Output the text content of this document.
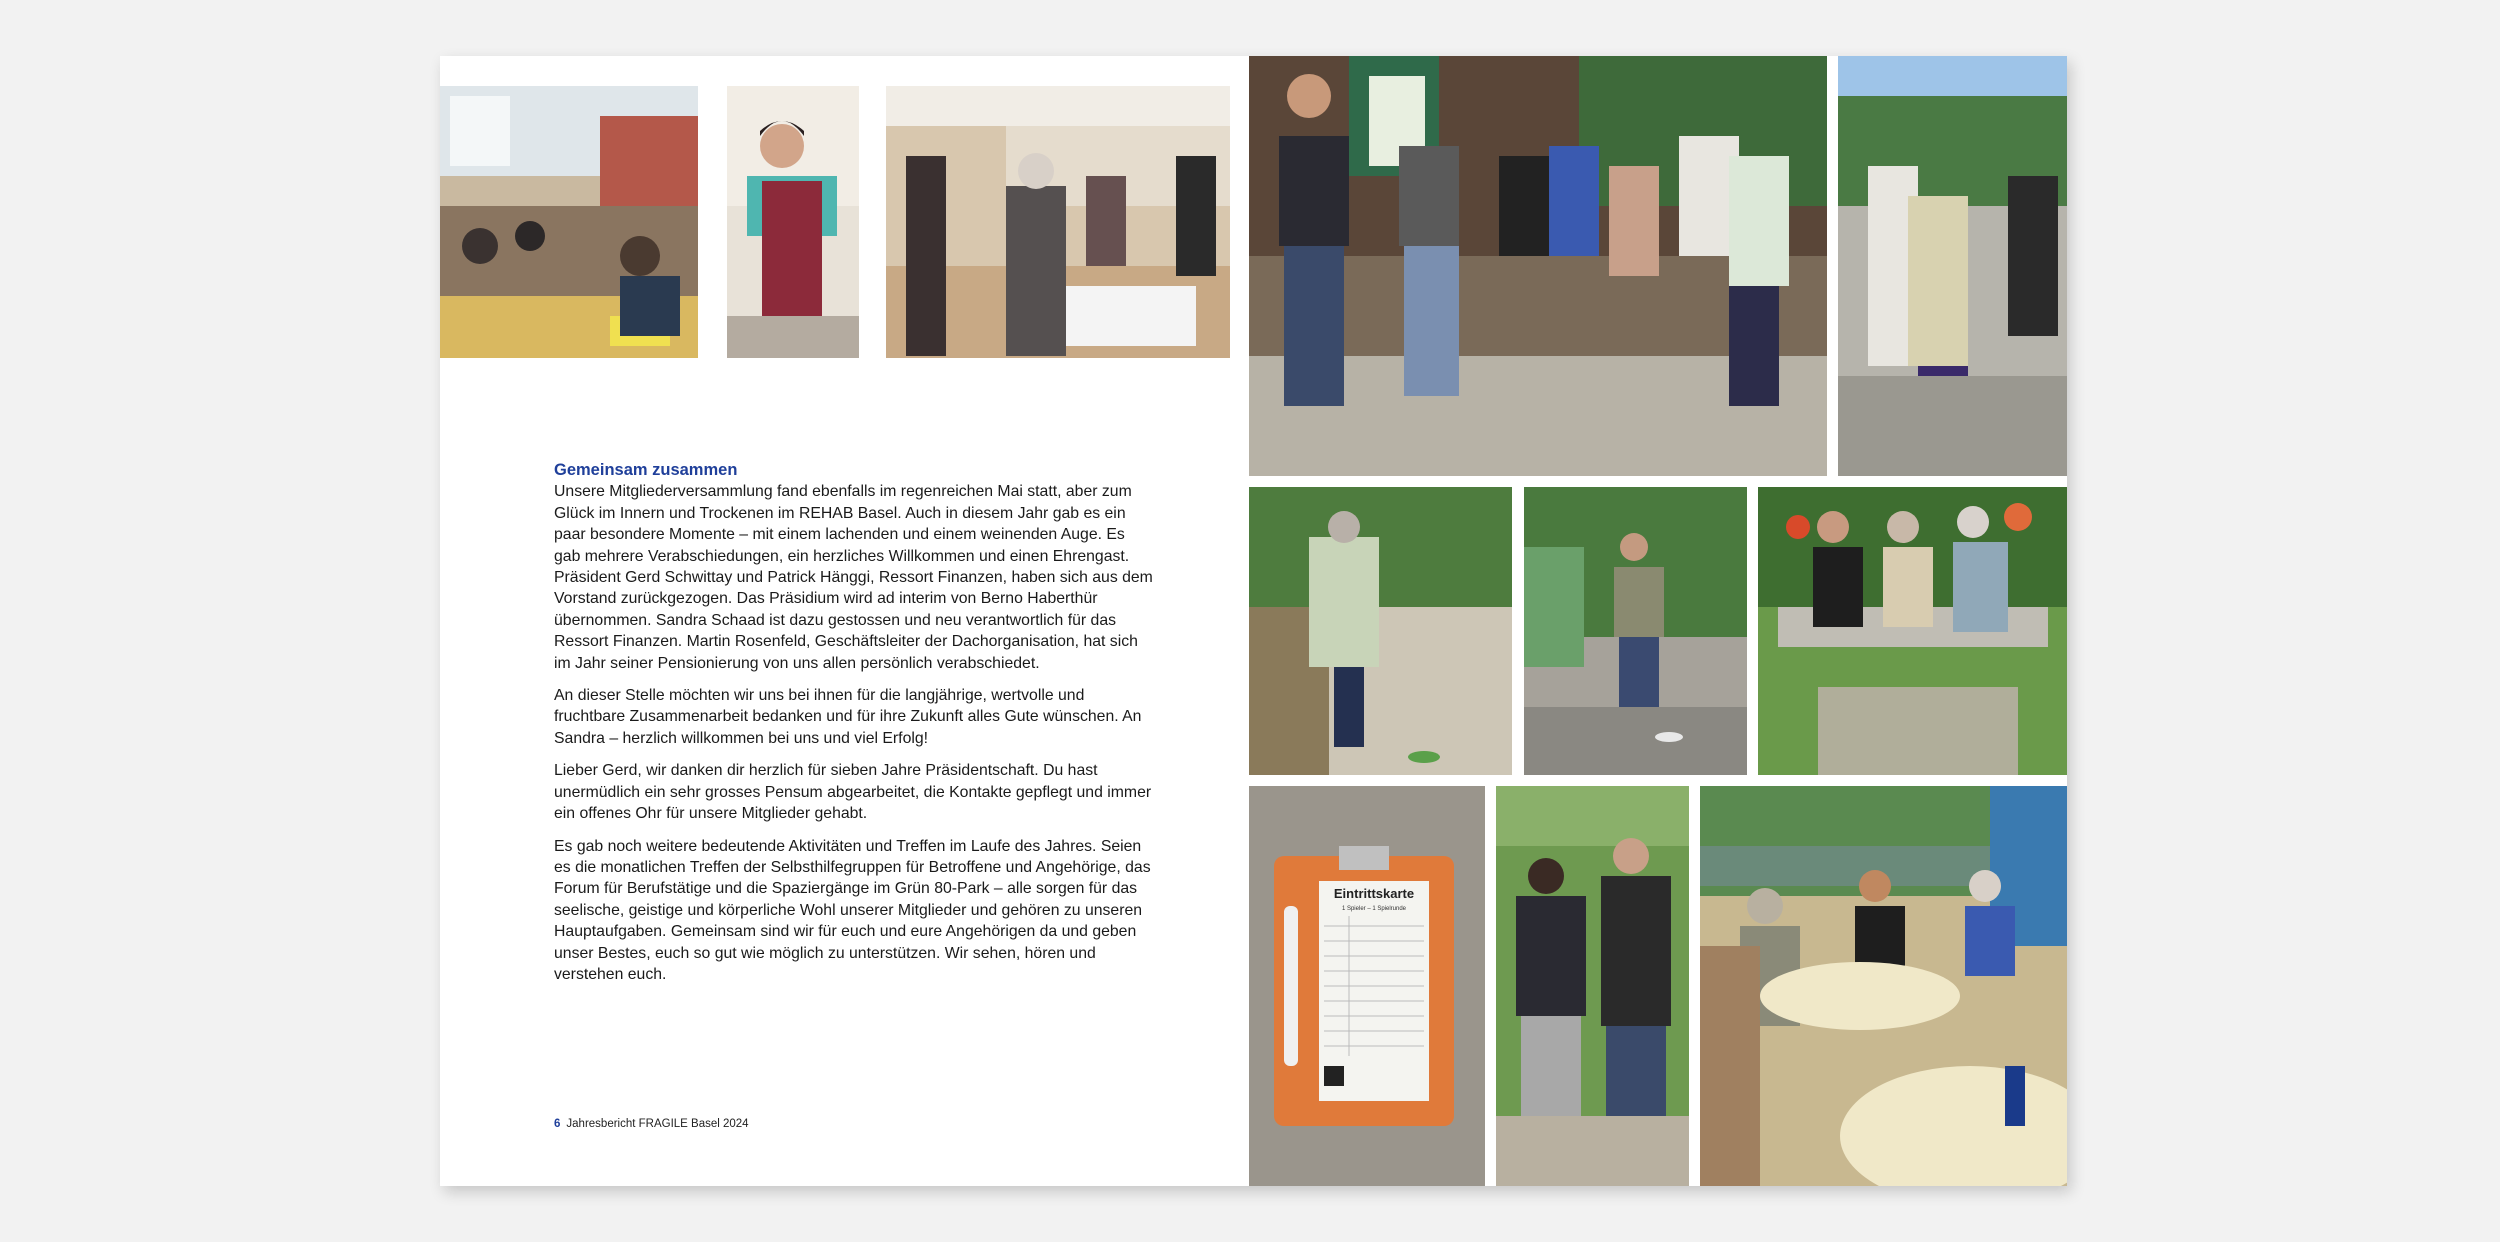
Eintrittskarte
1 Spieler – 1 Spielrunde
Gemeinsam zusammen

Unsere Mitgliederversammlung fand ebenfalls im regenreichen Mai statt, aber zum Glück im Innern und Trockenen im REHAB Basel. Auch in diesem Jahr gab es ein paar besondere Momente – mit einem lachenden und einem weinenden Auge. Es gab mehrere Verabschiedungen, ein herzliches Willkommen und einen Ehrengast. Präsident Gerd Schwittay und Patrick Hänggi, Ressort Finanzen, haben sich aus dem Vorstand zurückgezogen. Das Präsidium wird ad interim von Berno Haberthür übernommen. Sandra Schaad ist dazu gestossen und neu verantwortlich für das Ressort Finanzen. Martin Rosenfeld, Geschäftsleiter der Dachorganisation, hat sich im Jahr seiner Pensionierung von uns allen persönlich verabschiedet.

An dieser Stelle möchten wir uns bei ihnen für die langjährige, wertvolle und fruchtbare Zusammenarbeit bedanken und für ihre Zukunft alles Gute wünschen. An Sandra – herzlich willkommen bei uns und viel Erfolg!

Lieber Gerd, wir danken dir herzlich für sieben Jahre Präsidentschaft. Du hast unermüdlich ein sehr grosses Pensum abgearbeitet, die Kontakte gepflegt und immer ein offenes Ohr für unsere Mitglieder gehabt.

Es gab noch weitere bedeutende Aktivitäten und Treffen im Laufe des Jahres. Seien es die monatlichen Treffen der Selbsthilfegruppen für Betroffene und Angehörige, das Forum für Berufstätige und die Spaziergänge im Grün 80-Park – alle sorgen für das seelische, geistige und körperliche Wohl unserer Mitglieder und gehören zu unseren Hauptaufgaben. Gemeinsam sind wir für euch und eure Angehörigen da und geben unser Bestes, euch so gut wie möglich zu unterstützen. Wir sehen, hören und verstehen euch.

6 Jahresbericht FRAGILE Basel 2024
